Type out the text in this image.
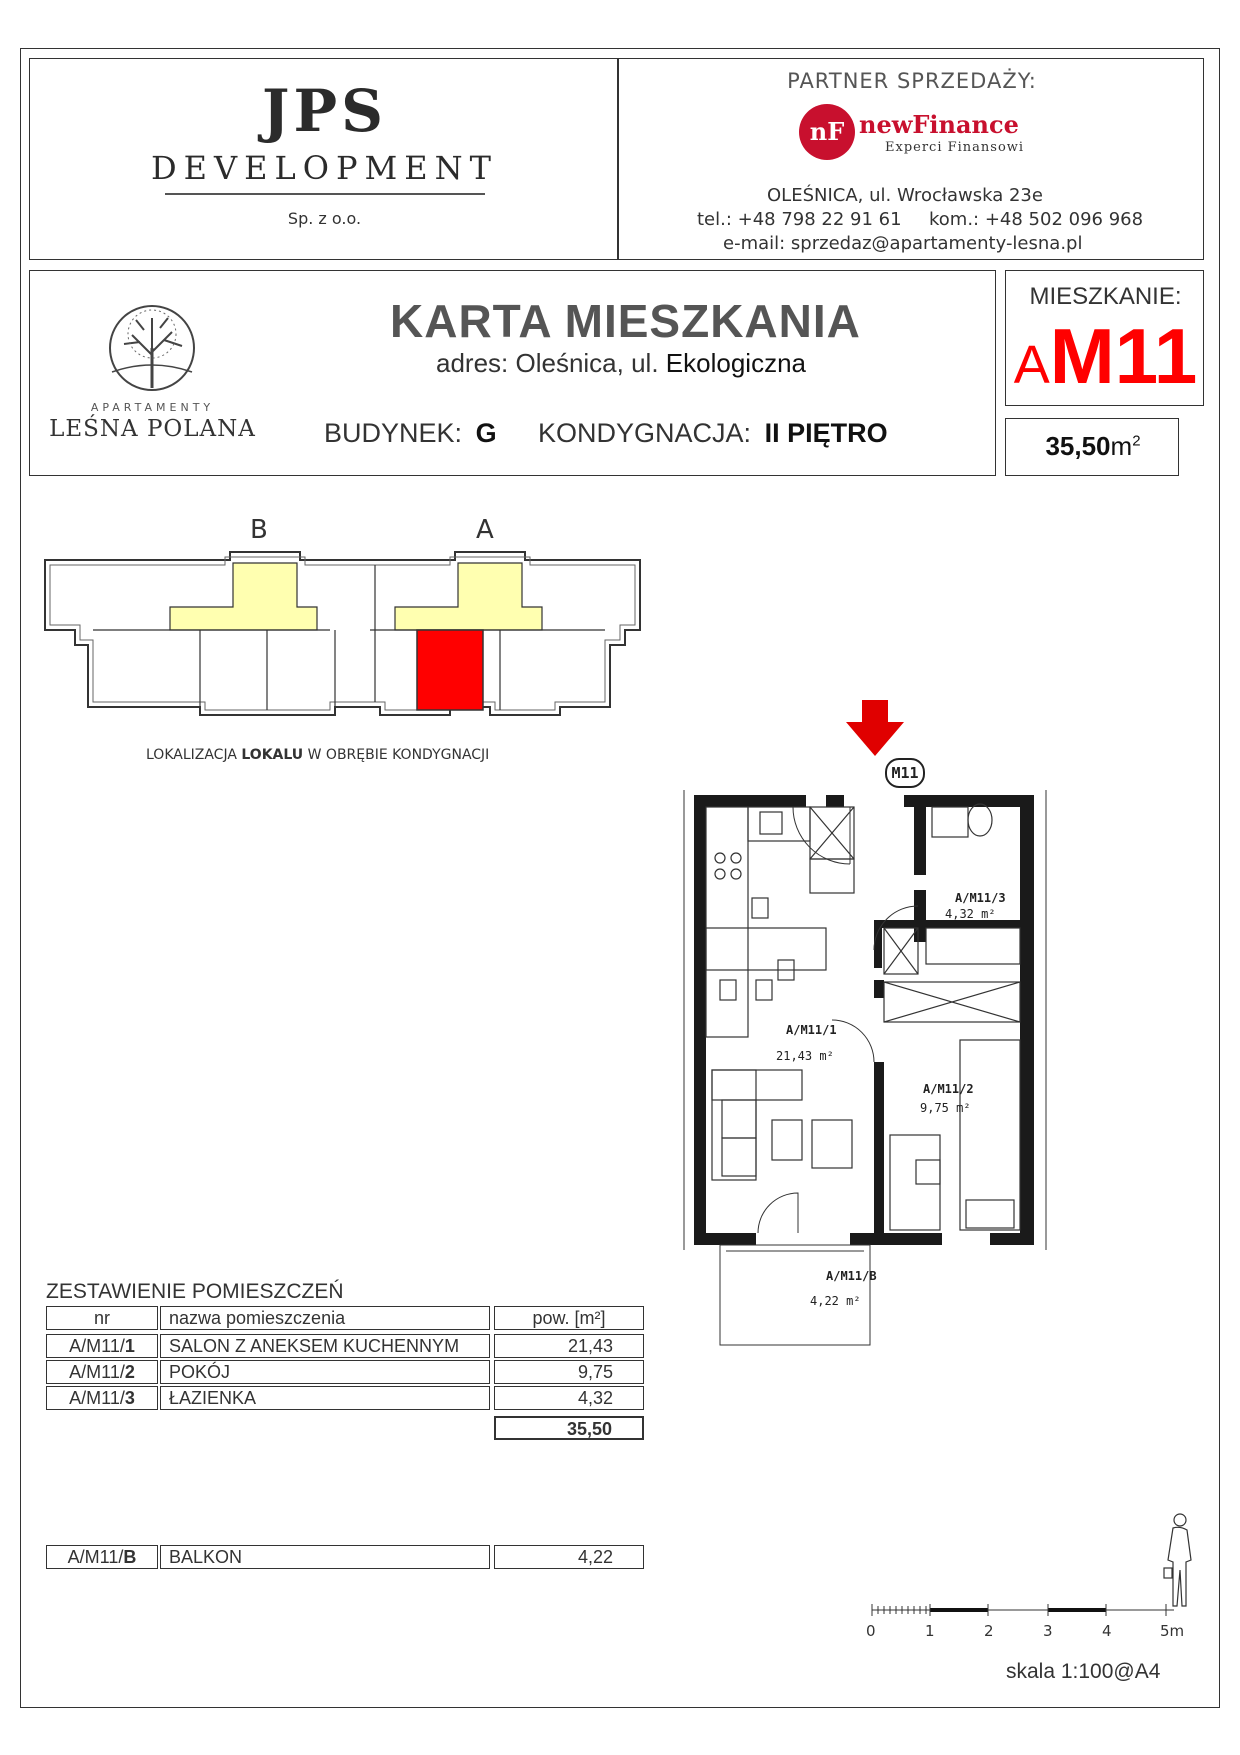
JPS
DEVELOPMENT
Sp. z o.o.
PARTNER SPRZEDAŻY:
nF newFinance
Experci Finansowi
OLEŚNICA, ul. Wrocławska 23e
tel.: +48 798 22 91 61 kom.: +48 502 096 968
e-mail: sprzedaz@apartamenty-lesna.pl
APARTAMENTY
LEŚNA POLANA
KARTA MIESZKANIA
adres: Oleśnica, ul. Ekologiczna
BUDYNEK: G KONDYGNACJA: II PIĘTRO
MIESZKANIE:
AM11
$35,50m^2$
B	A
LOKALIZACJA LOKALU W OBRĘBIE KONDYGNACJI
M11
A/M11/3
4,32 m²
A/M11/1
21,43 m²
A/M11/2
9,75 m²
A/M11/B
4,22 m²
ZESTAWIENIE POMIESZCZEŃ
nr	nazwa pomieszczenia	pow. [m²]
A/M11/1	SALON Z ANEKSEM KUCHENNYM	21,43
A/M11/2	POKÓJ	9,75
A/M11/3	ŁAZIENKA	4,32
35,50
A/M11/B	BALKON	4,22
0	1	2	3	4	5m
skala 1:100@A4
